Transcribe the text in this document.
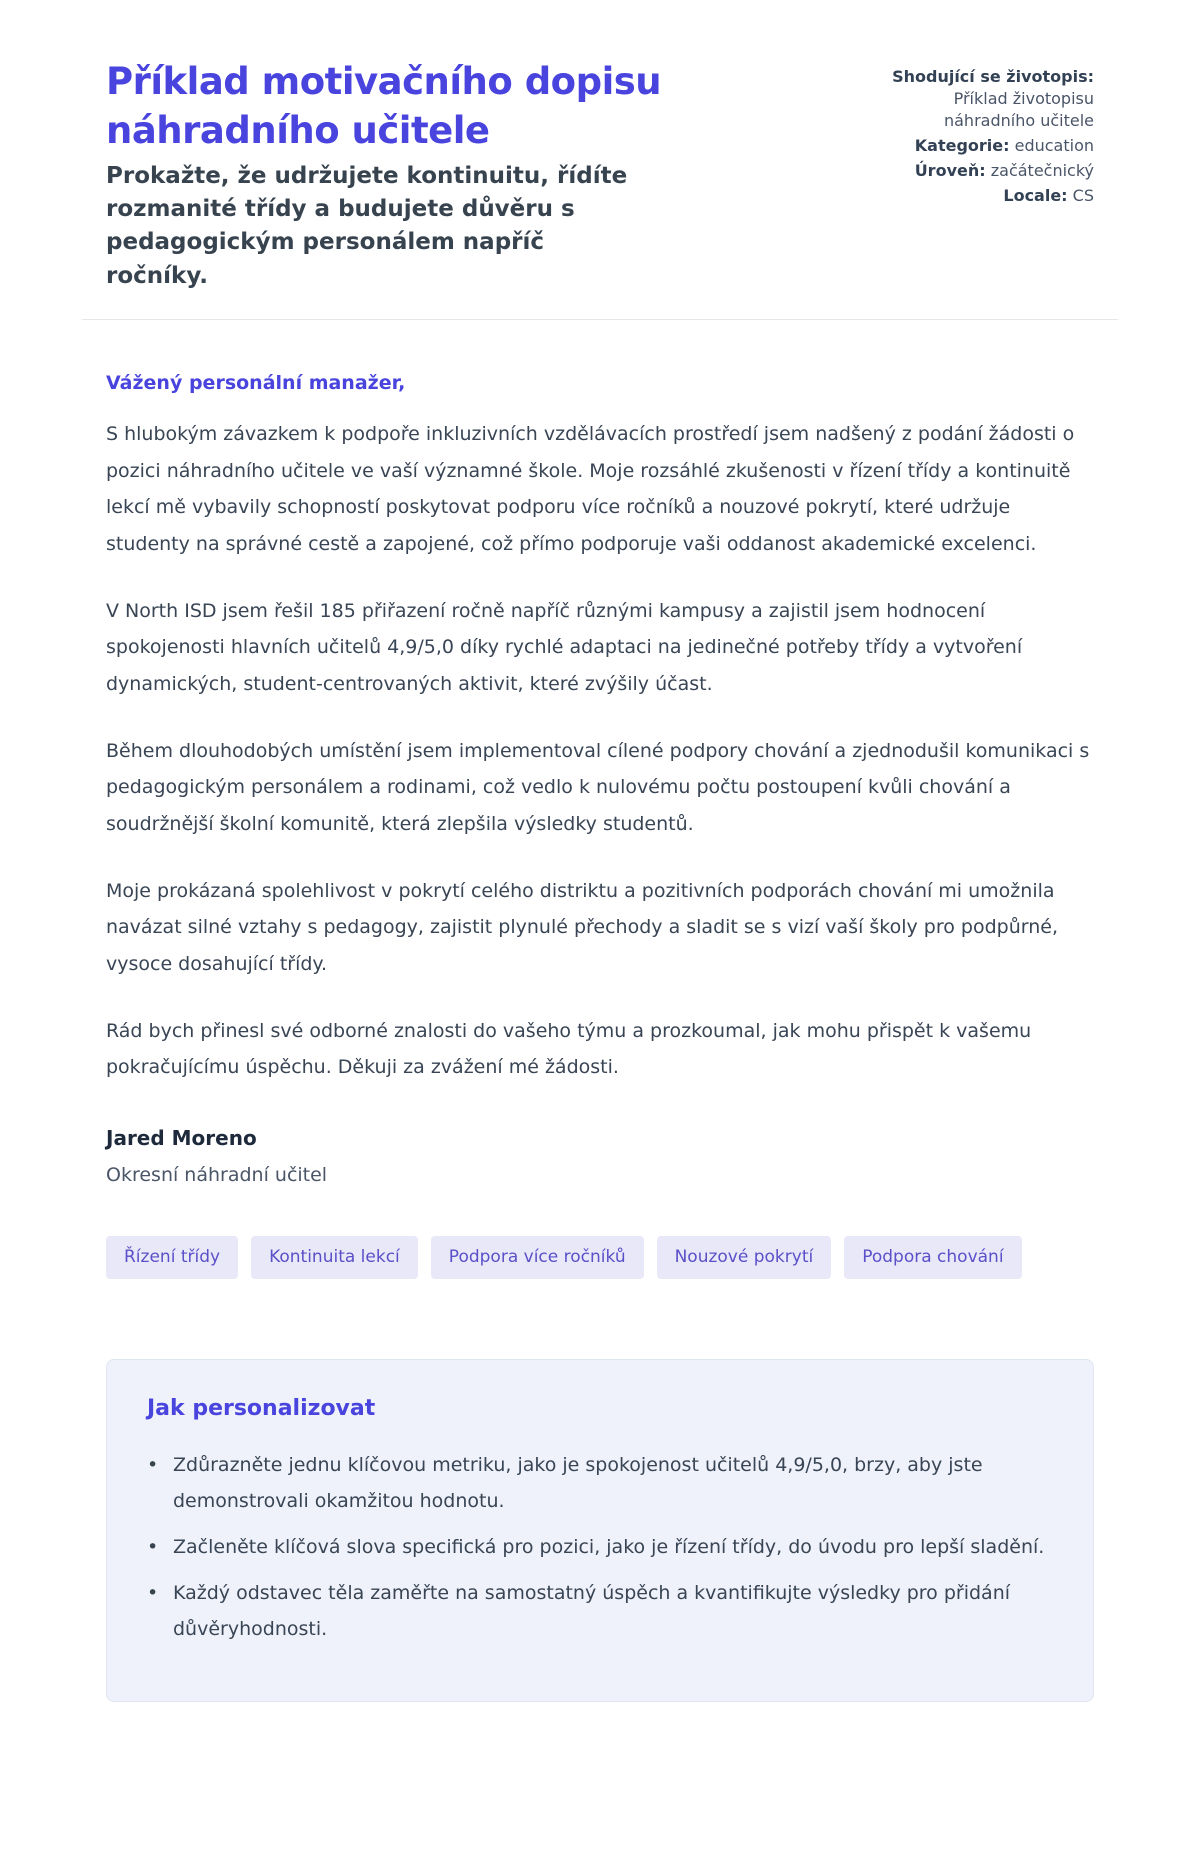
Příklad motivačního dopisu náhradního učitele
Prokažte, že udržujete kontinuitu, řídíte rozmanité třídy a budujete důvěru s pedagogickým personálem napříč ročníky.
Shodující se životopis:
Příklad životopisu náhradního učitele
Kategorie: education
Úroveň: začátečnický
Locale: CS
Vážený personální manažer,

S hlubokým závazkem k podpoře inkluzivních vzdělávacích prostředí jsem nadšený z podání žádosti o pozici náhradního učitele ve vaší významné škole. Moje rozsáhlé zkušenosti v řízení třídy a kontinuitě lekcí mě vybavily schopností poskytovat podporu více ročníků a nouzové pokrytí, které udržuje studenty na správné cestě a zapojené, což přímo podporuje vaši oddanost akademické excelenci.

V North ISD jsem řešil 185 přiřazení ročně napříč různými kampusy a zajistil jsem hodnocení spokojenosti hlavních učitelů 4,9/5,0 díky rychlé adaptaci na jedinečné potřeby třídy a vytvoření dynamických, student-centrovaných aktivit, které zvýšily účast.

Během dlouhodobých umístění jsem implementoval cílené podpory chování a zjednodušil komunikaci s pedagogickým personálem a rodinami, což vedlo k nulovému počtu postoupení kvůli chování a soudržnější školní komunitě, která zlepšila výsledky studentů.

Moje prokázaná spolehlivost v pokrytí celého distriktu a pozitivních podporách chování mi umožnila navázat silné vztahy s pedagogy, zajistit plynulé přechody a sladit se s vizí vaší školy pro podpůrné, vysoce dosahující třídy.

Rád bych přinesl své odborné znalosti do vašeho týmu a prozkoumal, jak mohu přispět k vašemu pokračujícímu úspěchu. Děkuji za zvážení mé žádosti.

Jared Moreno
Okresní náhradní učitel
Řízení třídy	Kontinuita lekcí	Podpora více ročníků	Nouzové pokrytí	Podpora chování
Jak personalizovat
• Zdůrazněte jednu klíčovou metriku, jako je spokojenost učitelů 4,9/5,0, brzy, aby jste demonstrovali okamžitou hodnotu.
• Začleněte klíčová slova specifická pro pozici, jako je řízení třídy, do úvodu pro lepší sladění.
• Každý odstavec těla zaměřte na samostatný úspěch a kvantifikujte výsledky pro přidání důvěryhodnosti.
